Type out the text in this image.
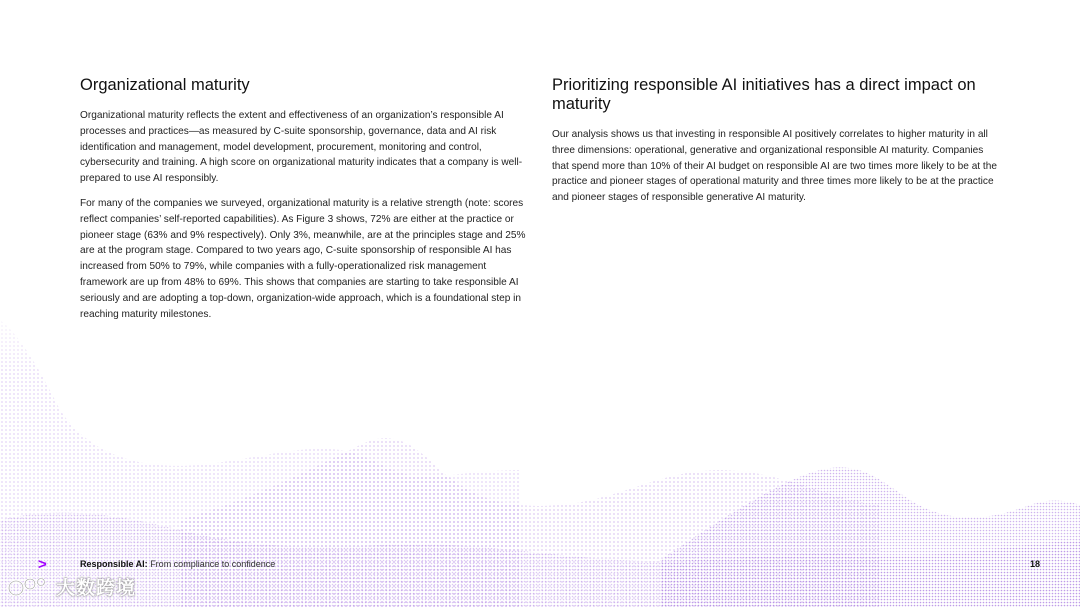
Organizational maturity

Organizational maturity reflects the extent and effectiveness of an organization’s responsible AI processes and practices—as measured by C-suite sponsorship, governance, data and AI risk identification and management, model development, procurement, monitoring and control, cybersecurity and training. A high score on organizational maturity indicates that a company is well-prepared to use AI responsibly.

For many of the companies we surveyed, organizational maturity is a relative strength (note: scores reflect companies’ self-reported capabilities). As Figure 3 shows, 72% are either at the practice or pioneer stage (63% and 9% respectively). Only 3%, meanwhile, are at the principles stage and 25% are at the program stage. Compared to two years ago, C-suite sponsorship of responsible AI has increased from 50% to 79%, while companies with a fully-operationalized risk management framework are up from 48% to 69%. This shows that companies are starting to take responsible AI seriously and are adopting a top-down, organization-wide approach, which is a foundational step in reaching maturity milestones.

Prioritizing responsible AI initiatives has a direct impact on maturity

Our analysis shows us that investing in responsible AI positively correlates to higher maturity in all three dimensions: operational, generative and organizational responsible AI maturity. Companies that spend more than 10% of their AI budget on responsible AI are two times more likely to be at the practice and pioneer stages of operational maturity and three times more likely to be at the practice and pioneer stages of responsible generative AI maturity.

>	Responsible AI: From compliance to confidence	18
大数跨境
